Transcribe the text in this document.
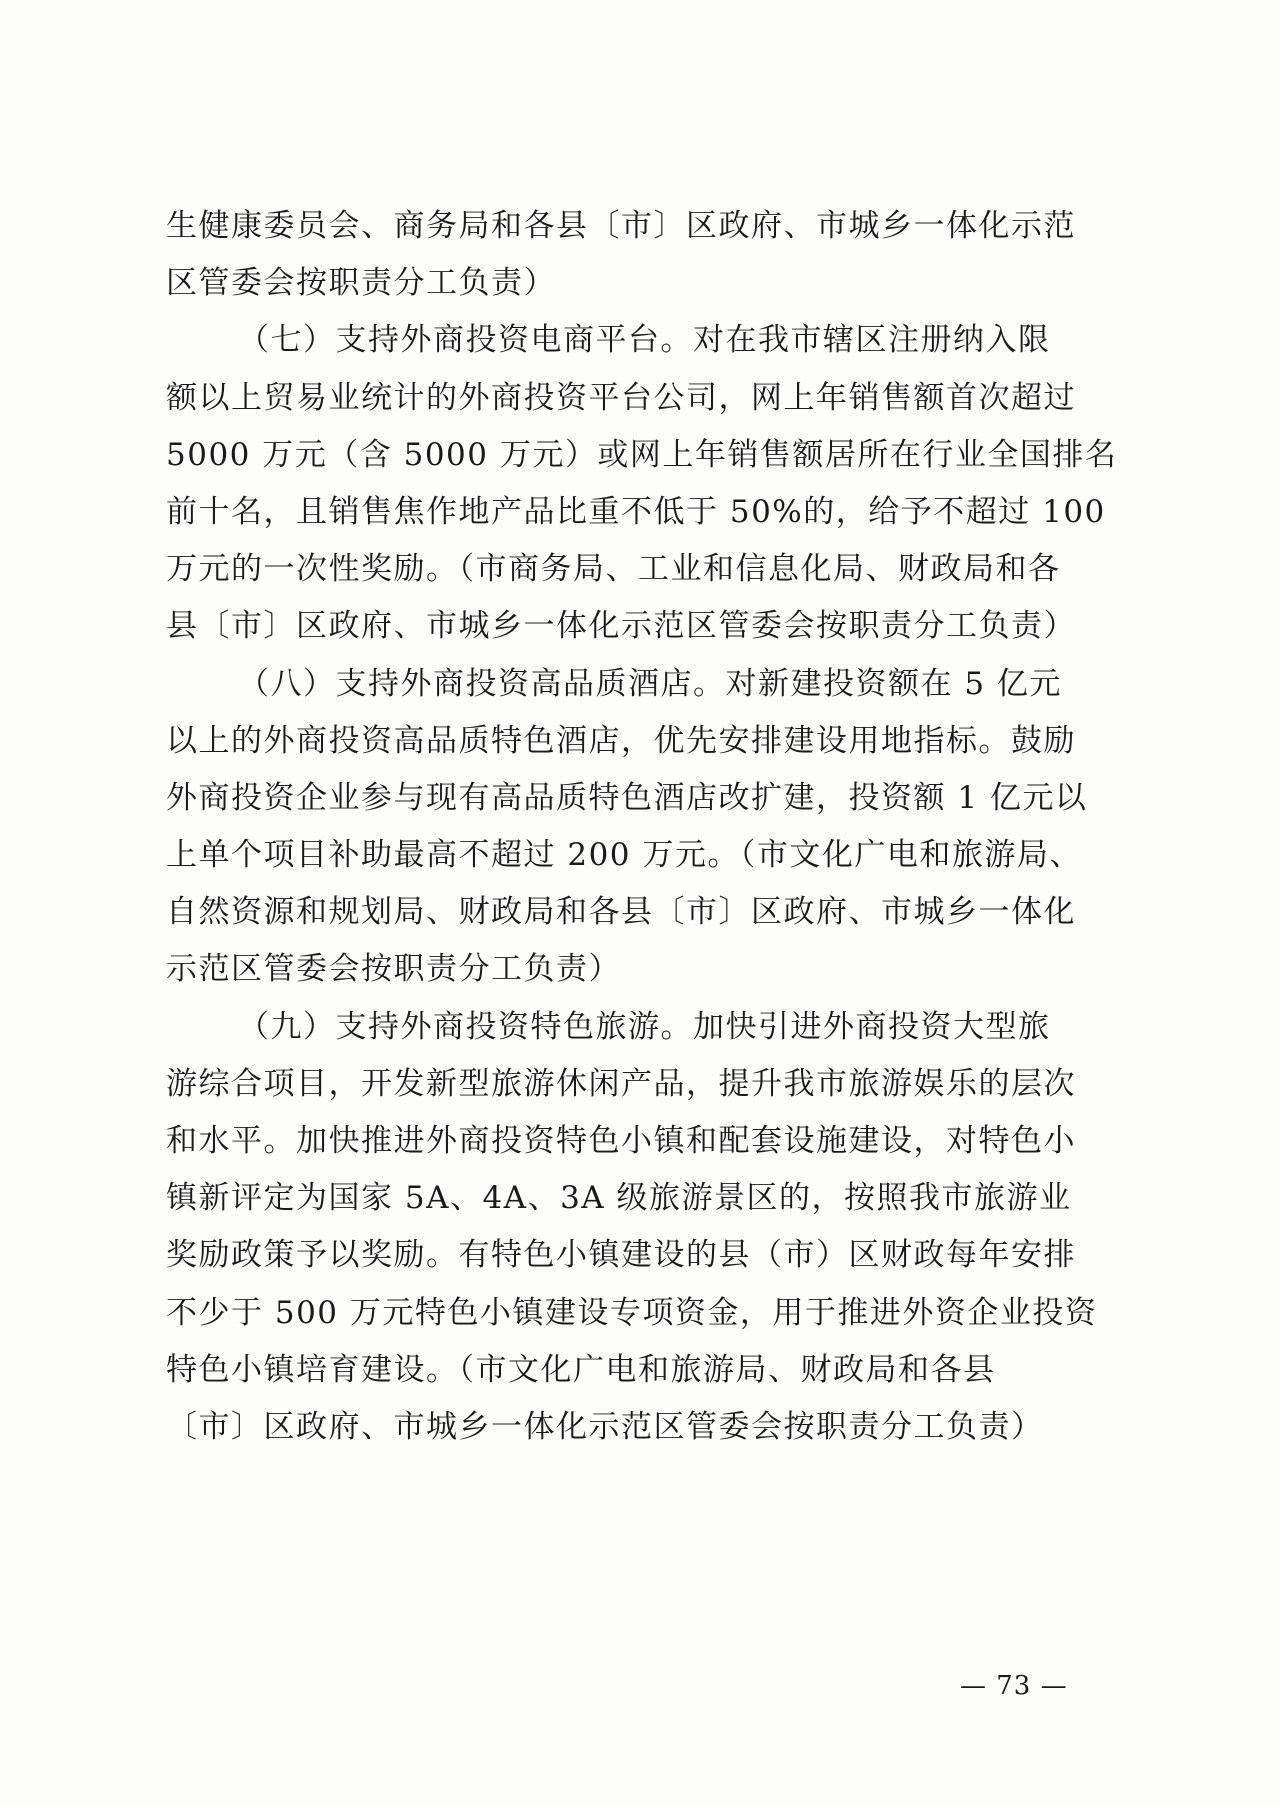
生健康委员会、商务局和各县〔市〕区政府、市城乡一体化示范
区管委会按职责分工负责）
（七）支持外商投资电商平台。对在我市辖区注册纳入限
额以上贸易业统计的外商投资平台公司，网上年销售额首次超过
5000 万元（含 5000 万元）或网上年销售额居所在行业全国排名
前十名，且销售焦作地产品比重不低于 50%的，给予不超过 100
万元的一次性奖励。（市商务局、工业和信息化局、财政局和各
县〔市〕区政府、市城乡一体化示范区管委会按职责分工负责）
（八）支持外商投资高品质酒店。对新建投资额在 5 亿元
以上的外商投资高品质特色酒店，优先安排建设用地指标。鼓励
外商投资企业参与现有高品质特色酒店改扩建，投资额 1 亿元以
上单个项目补助最高不超过 200 万元。（市文化广电和旅游局、
自然资源和规划局、财政局和各县〔市〕区政府、市城乡一体化
示范区管委会按职责分工负责）
（九）支持外商投资特色旅游。加快引进外商投资大型旅
游综合项目，开发新型旅游休闲产品，提升我市旅游娱乐的层次
和水平。加快推进外商投资特色小镇和配套设施建设，对特色小
镇新评定为国家 5A、4A、3A 级旅游景区的，按照我市旅游业
奖励政策予以奖励。有特色小镇建设的县（市）区财政每年安排
不少于 500 万元特色小镇建设专项资金，用于推进外资企业投资
特色小镇培育建设。（市文化广电和旅游局、财政局和各县
〔市〕区政府、市城乡一体化示范区管委会按职责分工负责）
— 73 —
